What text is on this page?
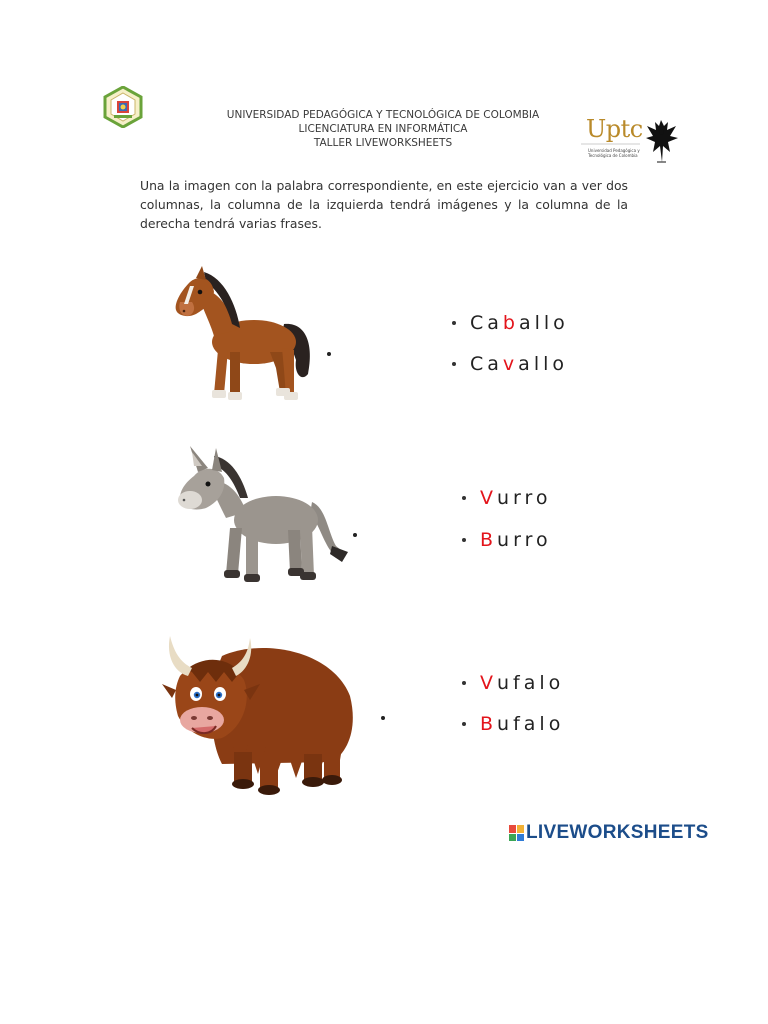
UNIVERSIDAD PEDAGÓGICA Y TECNOLÓGICA DE COLOMBIA
LICENCIATURA EN INFORMÁTICA
TALLER LIVEWORKSHEETS	Uptc
Universidad Pedagógica y
Tecnológica de Colombia
Una la imagen con la palabra correspondiente, en este ejercicio van a ver dos columnas, la columna de la izquierda tendrá imágenes y la columna de la derecha tendrá varias frases.
Ca b allo
Ca v allo
V urro
B urro
V ufalo
B ufalo
LIVEWORKSHEETS
